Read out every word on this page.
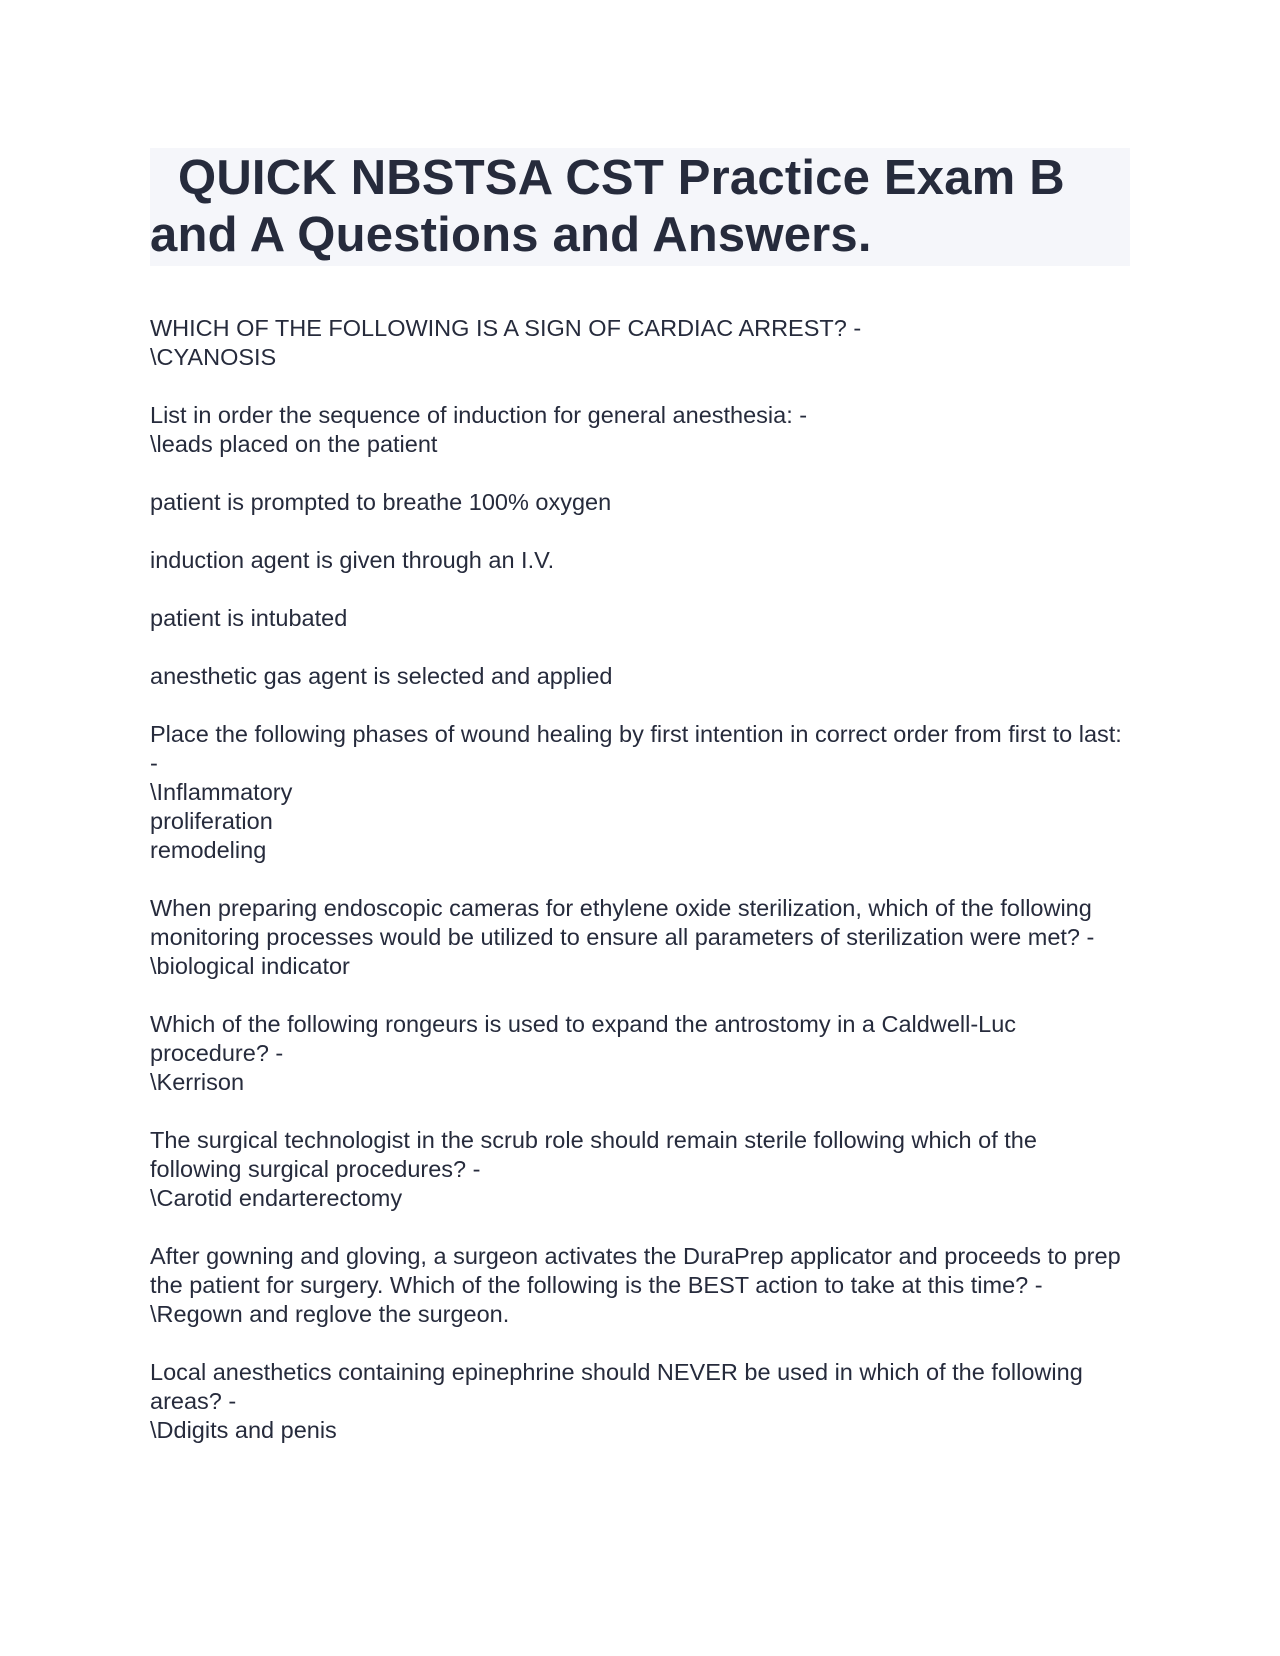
QUICK NBSTSA CST Practice Exam B and A Questions and Answers.
WHICH OF THE FOLLOWING IS A SIGN OF CARDIAC ARREST? -
\CYANOSIS
List in order the sequence of induction for general anesthesia: -
\leads placed on the patient
patient is prompted to breathe 100% oxygen
induction agent is given through an I.V.
patient is intubated
anesthetic gas agent is selected and applied
Place the following phases of wound healing by first intention in correct order from first to last: -
\Inflammatory
proliferation
remodeling
When preparing endoscopic cameras for ethylene oxide sterilization, which of the following monitoring processes would be utilized to ensure all parameters of sterilization were met? -
\biological indicator
Which of the following rongeurs is used to expand the antrostomy in a Caldwell-Luc procedure? -
\Kerrison
The surgical technologist in the scrub role should remain sterile following which of the following surgical procedures? -
\Carotid endarterectomy
After gowning and gloving, a surgeon activates the DuraPrep applicator and proceeds to prep the patient for surgery. Which of the following is the BEST action to take at this time? -
\Regown and reglove the surgeon.
Local anesthetics containing epinephrine should NEVER be used in which of the following areas? -
\Ddigits and penis
